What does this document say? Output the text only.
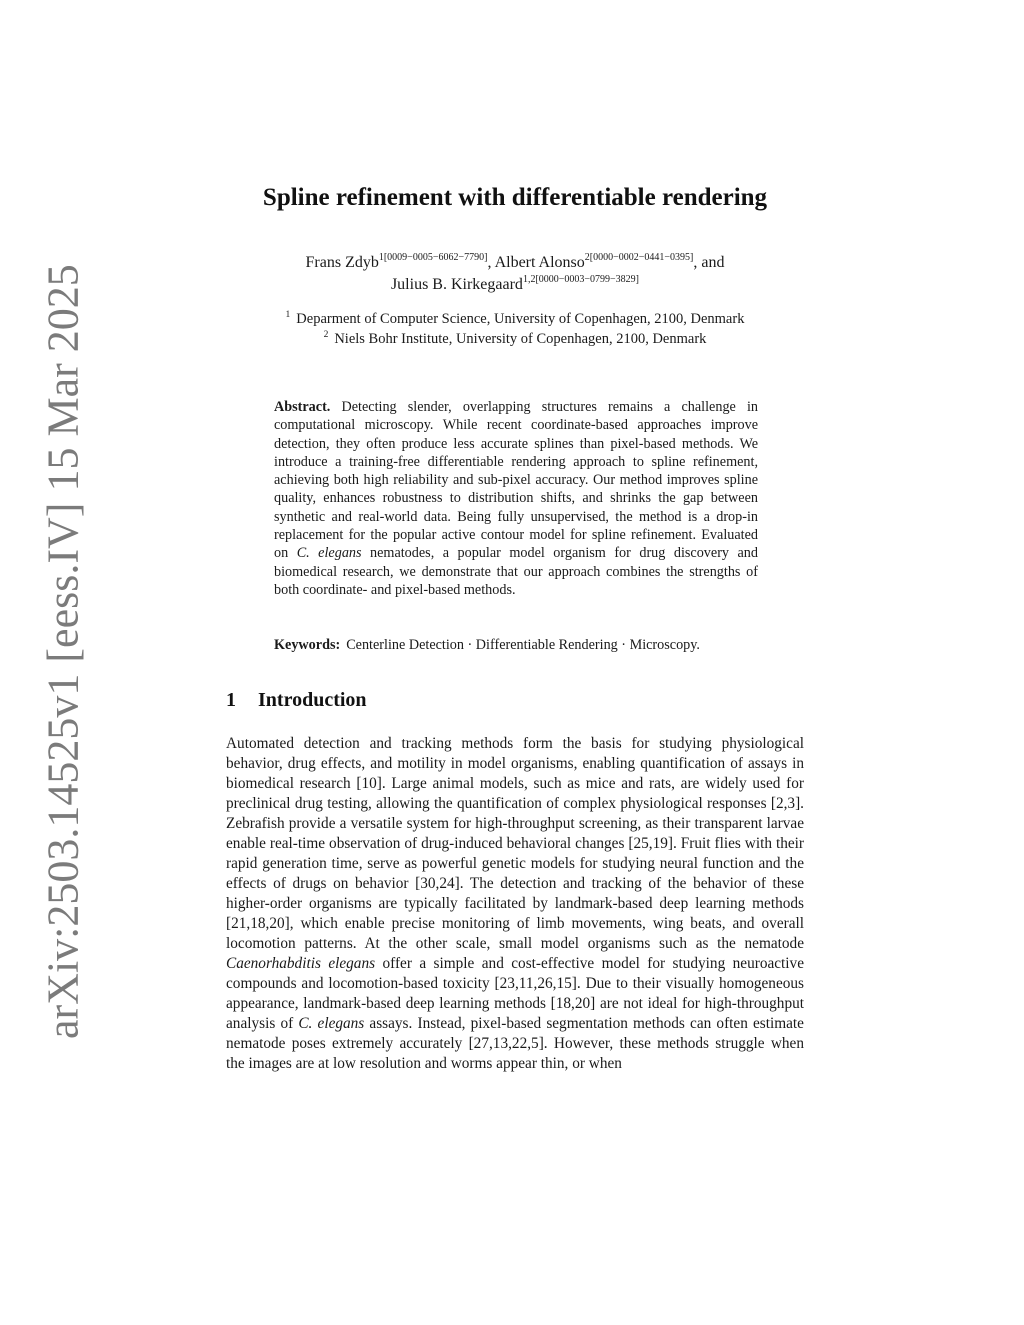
arXiv:2503.14525v1 [eess.IV] 15 Mar 2025
Spline refinement with differentiable rendering
Frans Zdyb$^{1[0009-0005-6062-7790]}$, Albert Alonso$^{2[0000-0002-0441-0395]}$, and
Julius B. Kirkegaard$^{1,2[0000-0003-0799-3829]}$
$^1$ Deparment of Computer Science, University of Copenhagen, 2100, Denmark
$^2$ Niels Bohr Institute, University of Copenhagen, 2100, Denmark
Abstract. Detecting slender, overlapping structures remains a challenge in computational microscopy. While recent coordinate-based approaches improve detection, they often produce less accurate splines than pixel-based methods. We introduce a training-free differentiable rendering approach to spline refinement, achieving both high reliability and sub-pixel accuracy. Our method improves spline quality, enhances robustness to distribution shifts, and shrinks the gap between synthetic and real-world data. Being fully unsupervised, the method is a drop-in replacement for the popular active contour model for spline refinement. Evaluated on C. elegans nematodes, a popular model organism for drug discovery and biomedical research, we demonstrate that our approach combines the strengths of both coordinate- and pixel-based methods.
Keywords: Centerline Detection · Differentiable Rendering · Microscopy.
1 Introduction

Automated detection and tracking methods form the basis for studying physiological behavior, drug effects, and motility in model organisms, enabling quantification of assays in biomedical research [10]. Large animal models, such as mice and rats, are widely used for preclinical drug testing, allowing the quantification of complex physiological responses [2,3]. Zebrafish provide a versatile system for high-throughput screening, as their transparent larvae enable real-time observation of drug-induced behavioral changes [25,19]. Fruit flies with their rapid generation time, serve as powerful genetic models for studying neural function and the effects of drugs on behavior [30,24]. The detection and tracking of the behavior of these higher-order organisms are typically facilitated by landmark-based deep learning methods [21,18,20], which enable precise monitoring of limb movements, wing beats, and overall locomotion patterns. At the other scale, small model organisms such as the nematode Caenorhabditis elegans offer a simple and cost-effective model for studying neuroactive compounds and locomotion-based toxicity [23,11,26,15]. Due to their visually homogeneous appearance, landmark-based deep learning methods [18,20] are not ideal for high-throughput analysis of C. elegans assays. Instead, pixel-based segmentation methods can often estimate nematode poses extremely accurately [27,13,22,5]. However, these methods struggle when the images are at low resolution and worms appear thin, or when
